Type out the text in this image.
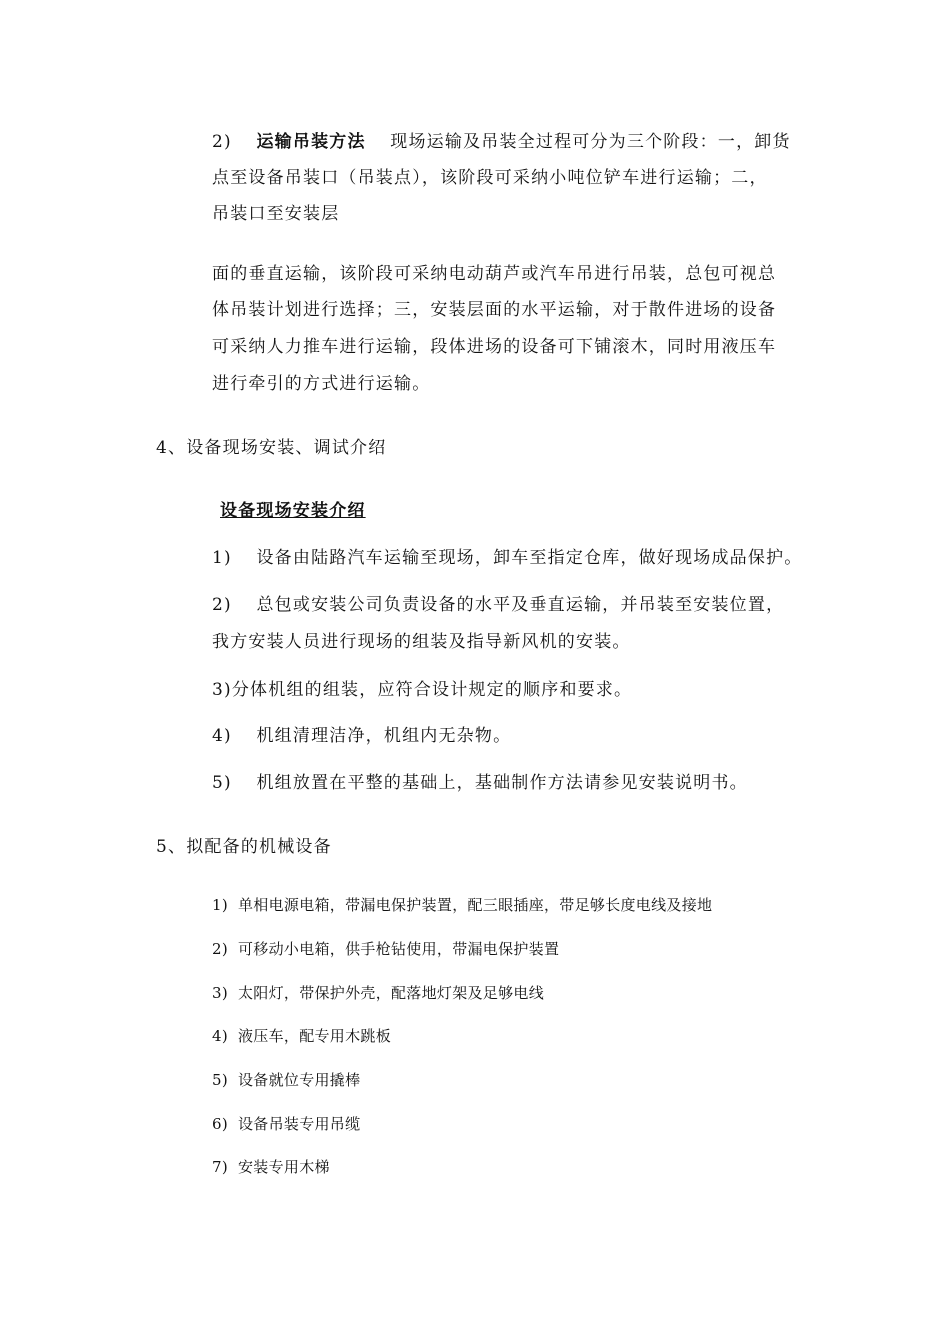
2) 运输吊装方法 现场运输及吊装全过程可分为三个阶段：一，卸货
点至设备吊装口（吊装点），该阶段可采纳小吨位铲车进行运输；二，
吊装口至安装层
面的垂直运输，该阶段可采纳电动葫芦或汽车吊进行吊装，总包可视总
体吊装计划进行选择；三，安装层面的水平运输，对于散件进场的设备
可采纳人力推车进行运输，段体进场的设备可下铺滚木，同时用液压车
进行牵引的方式进行运输。
4、设备现场安装、调试介绍
设备现场安装介绍
1) 设备由陆路汽车运输至现场，卸车至指定仓库，做好现场成品保护。
2) 总包或安装公司负责设备的水平及垂直运输，并吊装至安装位置，
我方安装人员进行现场的组装及指导新风机的安装。
3)分体机组的组装，应符合设计规定的顺序和要求。
4) 机组清理洁净，机组内无杂物。
5) 机组放置在平整的基础上，基础制作方法请参见安装说明书。
5、拟配备的机械设备
1) 单相电源电箱，带漏电保护装置，配三眼插座，带足够长度电线及接地
2) 可移动小电箱，供手枪钻使用，带漏电保护装置
3) 太阳灯，带保护外壳，配落地灯架及足够电线
4) 液压车，配专用木跳板
5) 设备就位专用撬棒
6) 设备吊装专用吊缆
7) 安装专用木梯
